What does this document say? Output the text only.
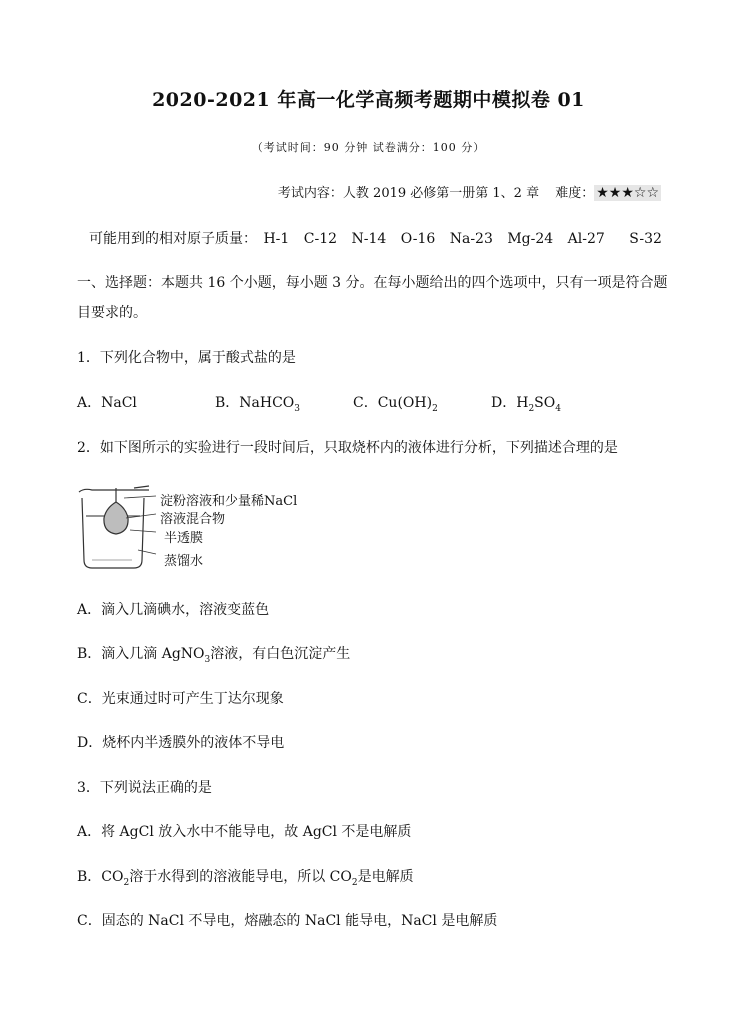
2020-2021 年高一化学高频考题期中模拟卷 01
（考试时间：90 分钟 试卷满分：100 分）
考试内容：人教 2019 必修第一册第 1、2 章 难度： ★★★☆☆
可能用到的相对原子质量： H-1 C-12 N-14 O-16 Na-23 Mg-24 Al-27 S-32
一、选择题：本题共 16 个小题，每小题 3 分。在每小题给出的四个选项中，只有一项是符合题
目要求的。
1．下列化合物中，属于酸式盐的是
A．NaCl	B．NaHCO$_3$	C．$Cu(OH)_2$	D．$H_2SO_4$
2．如下图所示的实验进行一段时间后，只取烧杯内的液体进行分析，下列描述合理的是
淀粉溶液和少量稀NaCl
溶液混合物
半透膜
蒸馏水
A．滴入几滴碘水，溶液变蓝色
B．滴入几滴 AgNO$_3$溶液，有白色沉淀产生
C．光束通过时可产生丁达尔现象
D．烧杯内半透膜外的液体不导电
3．下列说法正确的是
A．将 AgCl 放入水中不能导电，故 AgCl 不是电解质
B．$CO_2$溶于水得到的溶液能导电，所以 $CO_2$是电解质
C．固态的 NaCl 不导电，熔融态的 NaCl 能导电，NaCl 是电解质
